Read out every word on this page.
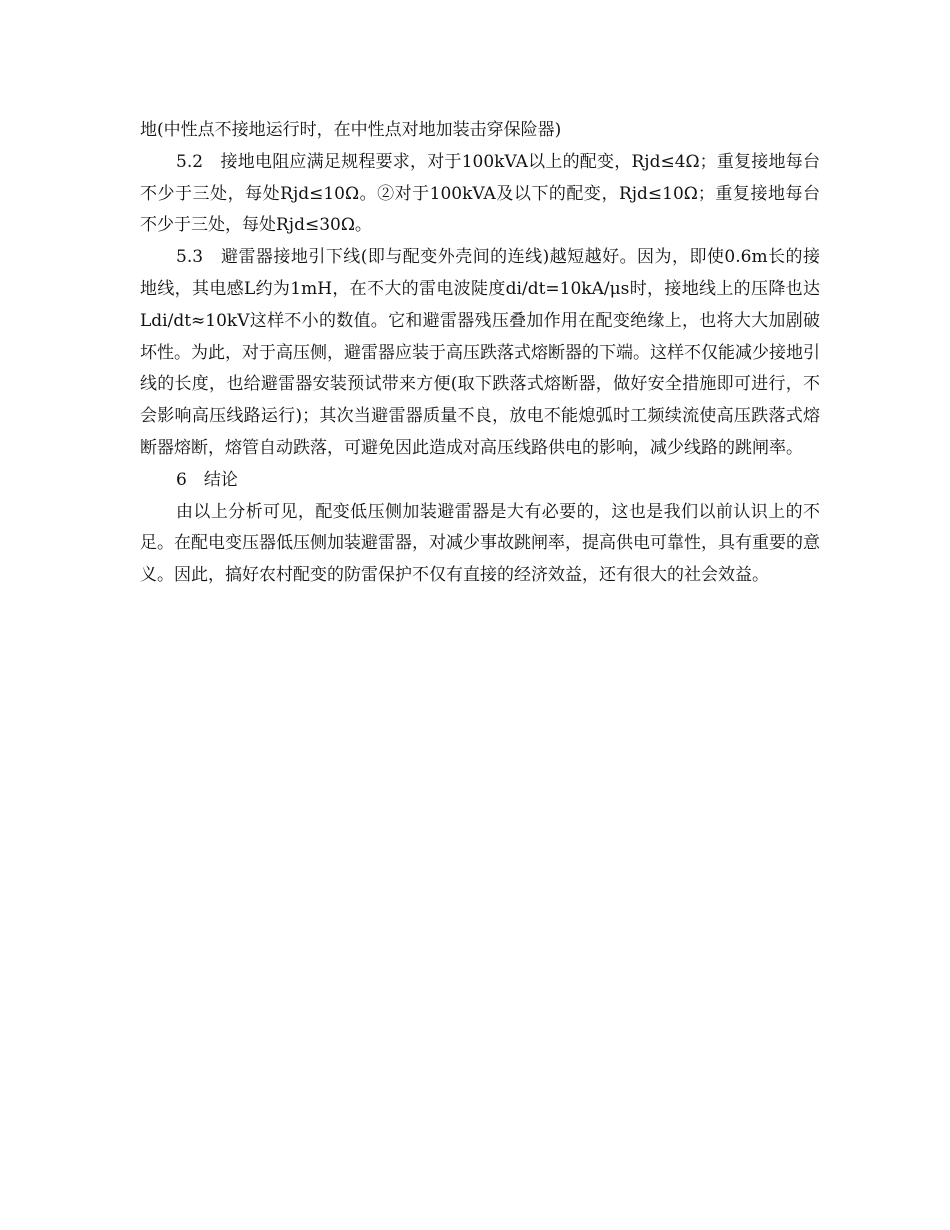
地(中性点不接地运行时，在中性点对地加装击穿保险器)

5.2　接地电阻应满足规程要求，对于100kVA以上的配变，Rjd≤4Ω；重复接地每台不少于三处，每处Rjd≤10Ω。②对于100kVA及以下的配变，Rjd≤10Ω；重复接地每台不少于三处，每处Rjd≤30Ω。

5.3　避雷器接地引下线(即与配变外壳间的连线)越短越好。因为，即使0.6m长的接地线，其电感L约为1mH，在不大的雷电波陡度di/dt=10kA/μs时，接地线上的压降也达Ldi/dt≈10kV这样不小的数值。它和避雷器残压叠加作用在配变绝缘上，也将大大加剧破坏性。为此，对于高压侧，避雷器应装于高压跌落式熔断器的下端。这样不仅能减少接地引线的长度，也给避雷器安装预试带来方便(取下跌落式熔断器，做好安全措施即可进行，不会影响高压线路运行)；其次当避雷器质量不良，放电不能熄弧时工频续流使高压跌落式熔断器熔断，熔管自动跌落，可避免因此造成对高压线路供电的影响，减少线路的跳闸率。

6　结论

由以上分析可见，配变低压侧加装避雷器是大有必要的，这也是我们以前认识上的不足。在配电变压器低压侧加装避雷器，对减少事故跳闸率，提高供电可靠性，具有重要的意义。因此，搞好农村配变的防雷保护不仅有直接的经济效益，还有很大的社会效益。
